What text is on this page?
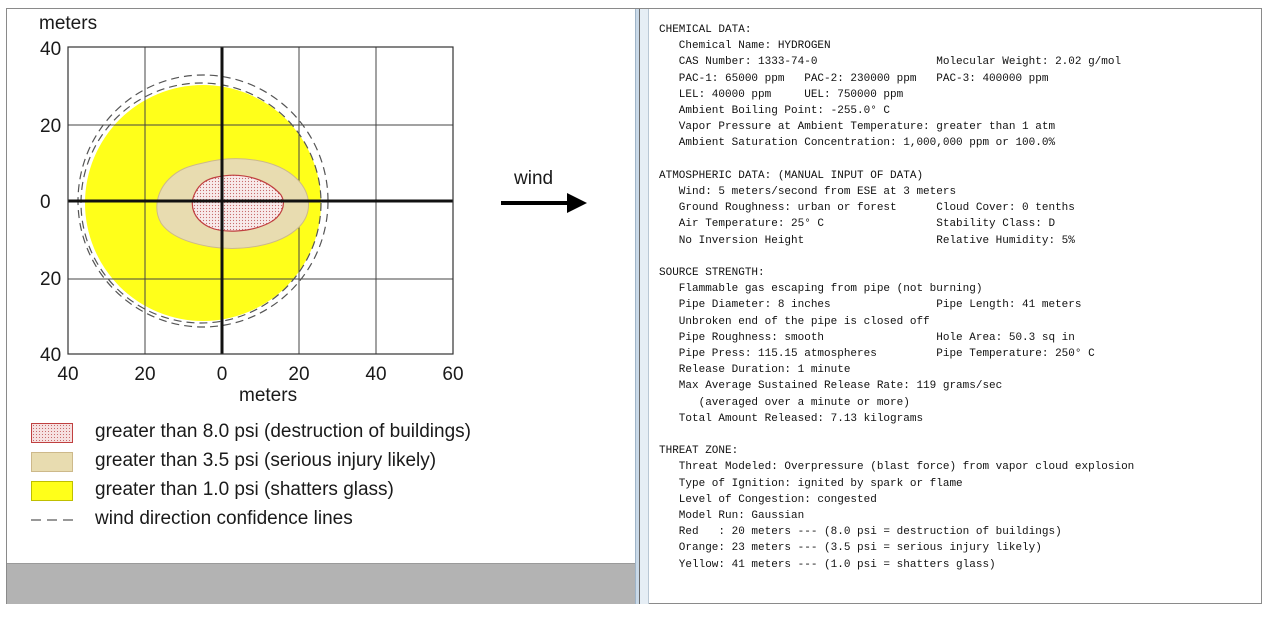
40
20
0
20
40
40	20	0	20	40	60
meters
meters
greater than 8.0 psi (destruction of buildings)
greater than 3.5 psi (serious injury likely)
greater than 1.0 psi (shatters glass)
wind direction confidence lines
wind
CHEMICAL DATA:
Chemical Name: HYDROGEN
CAS Number: 1333-74-0                  Molecular Weight: 2.02 g/mol
PAC-1: 65000 ppm   PAC-2: 230000 ppm   PAC-3: 400000 ppm
LEL: 40000 ppm     UEL: 750000 ppm
Ambient Boiling Point: -255.0° C
Vapor Pressure at Ambient Temperature: greater than 1 atm
Ambient Saturation Concentration: 1,000,000 ppm or 100.0%
ATMOSPHERIC DATA: (MANUAL INPUT OF DATA)
Wind: 5 meters/second from ESE at 3 meters
Ground Roughness: urban or forest      Cloud Cover: 0 tenths
Air Temperature: 25° C                 Stability Class: D
No Inversion Height                    Relative Humidity: 5%
SOURCE STRENGTH:
Flammable gas escaping from pipe (not burning)
Pipe Diameter: 8 inches                Pipe Length: 41 meters
Unbroken end of the pipe is closed off
Pipe Roughness: smooth                 Hole Area: 50.3 sq in
Pipe Press: 115.15 atmospheres         Pipe Temperature: 250° C
Release Duration: 1 minute
Max Average Sustained Release Rate: 119 grams/sec
(averaged over a minute or more)
Total Amount Released: 7.13 kilograms
THREAT ZONE:
Threat Modeled: Overpressure (blast force) from vapor cloud explosion
Type of Ignition: ignited by spark or flame
Level of Congestion: congested
Model Run: Gaussian
Red   : 20 meters --- (8.0 psi = destruction of buildings)
Orange: 23 meters --- (3.5 psi = serious injury likely)
Yellow: 41 meters --- (1.0 psi = shatters glass)
